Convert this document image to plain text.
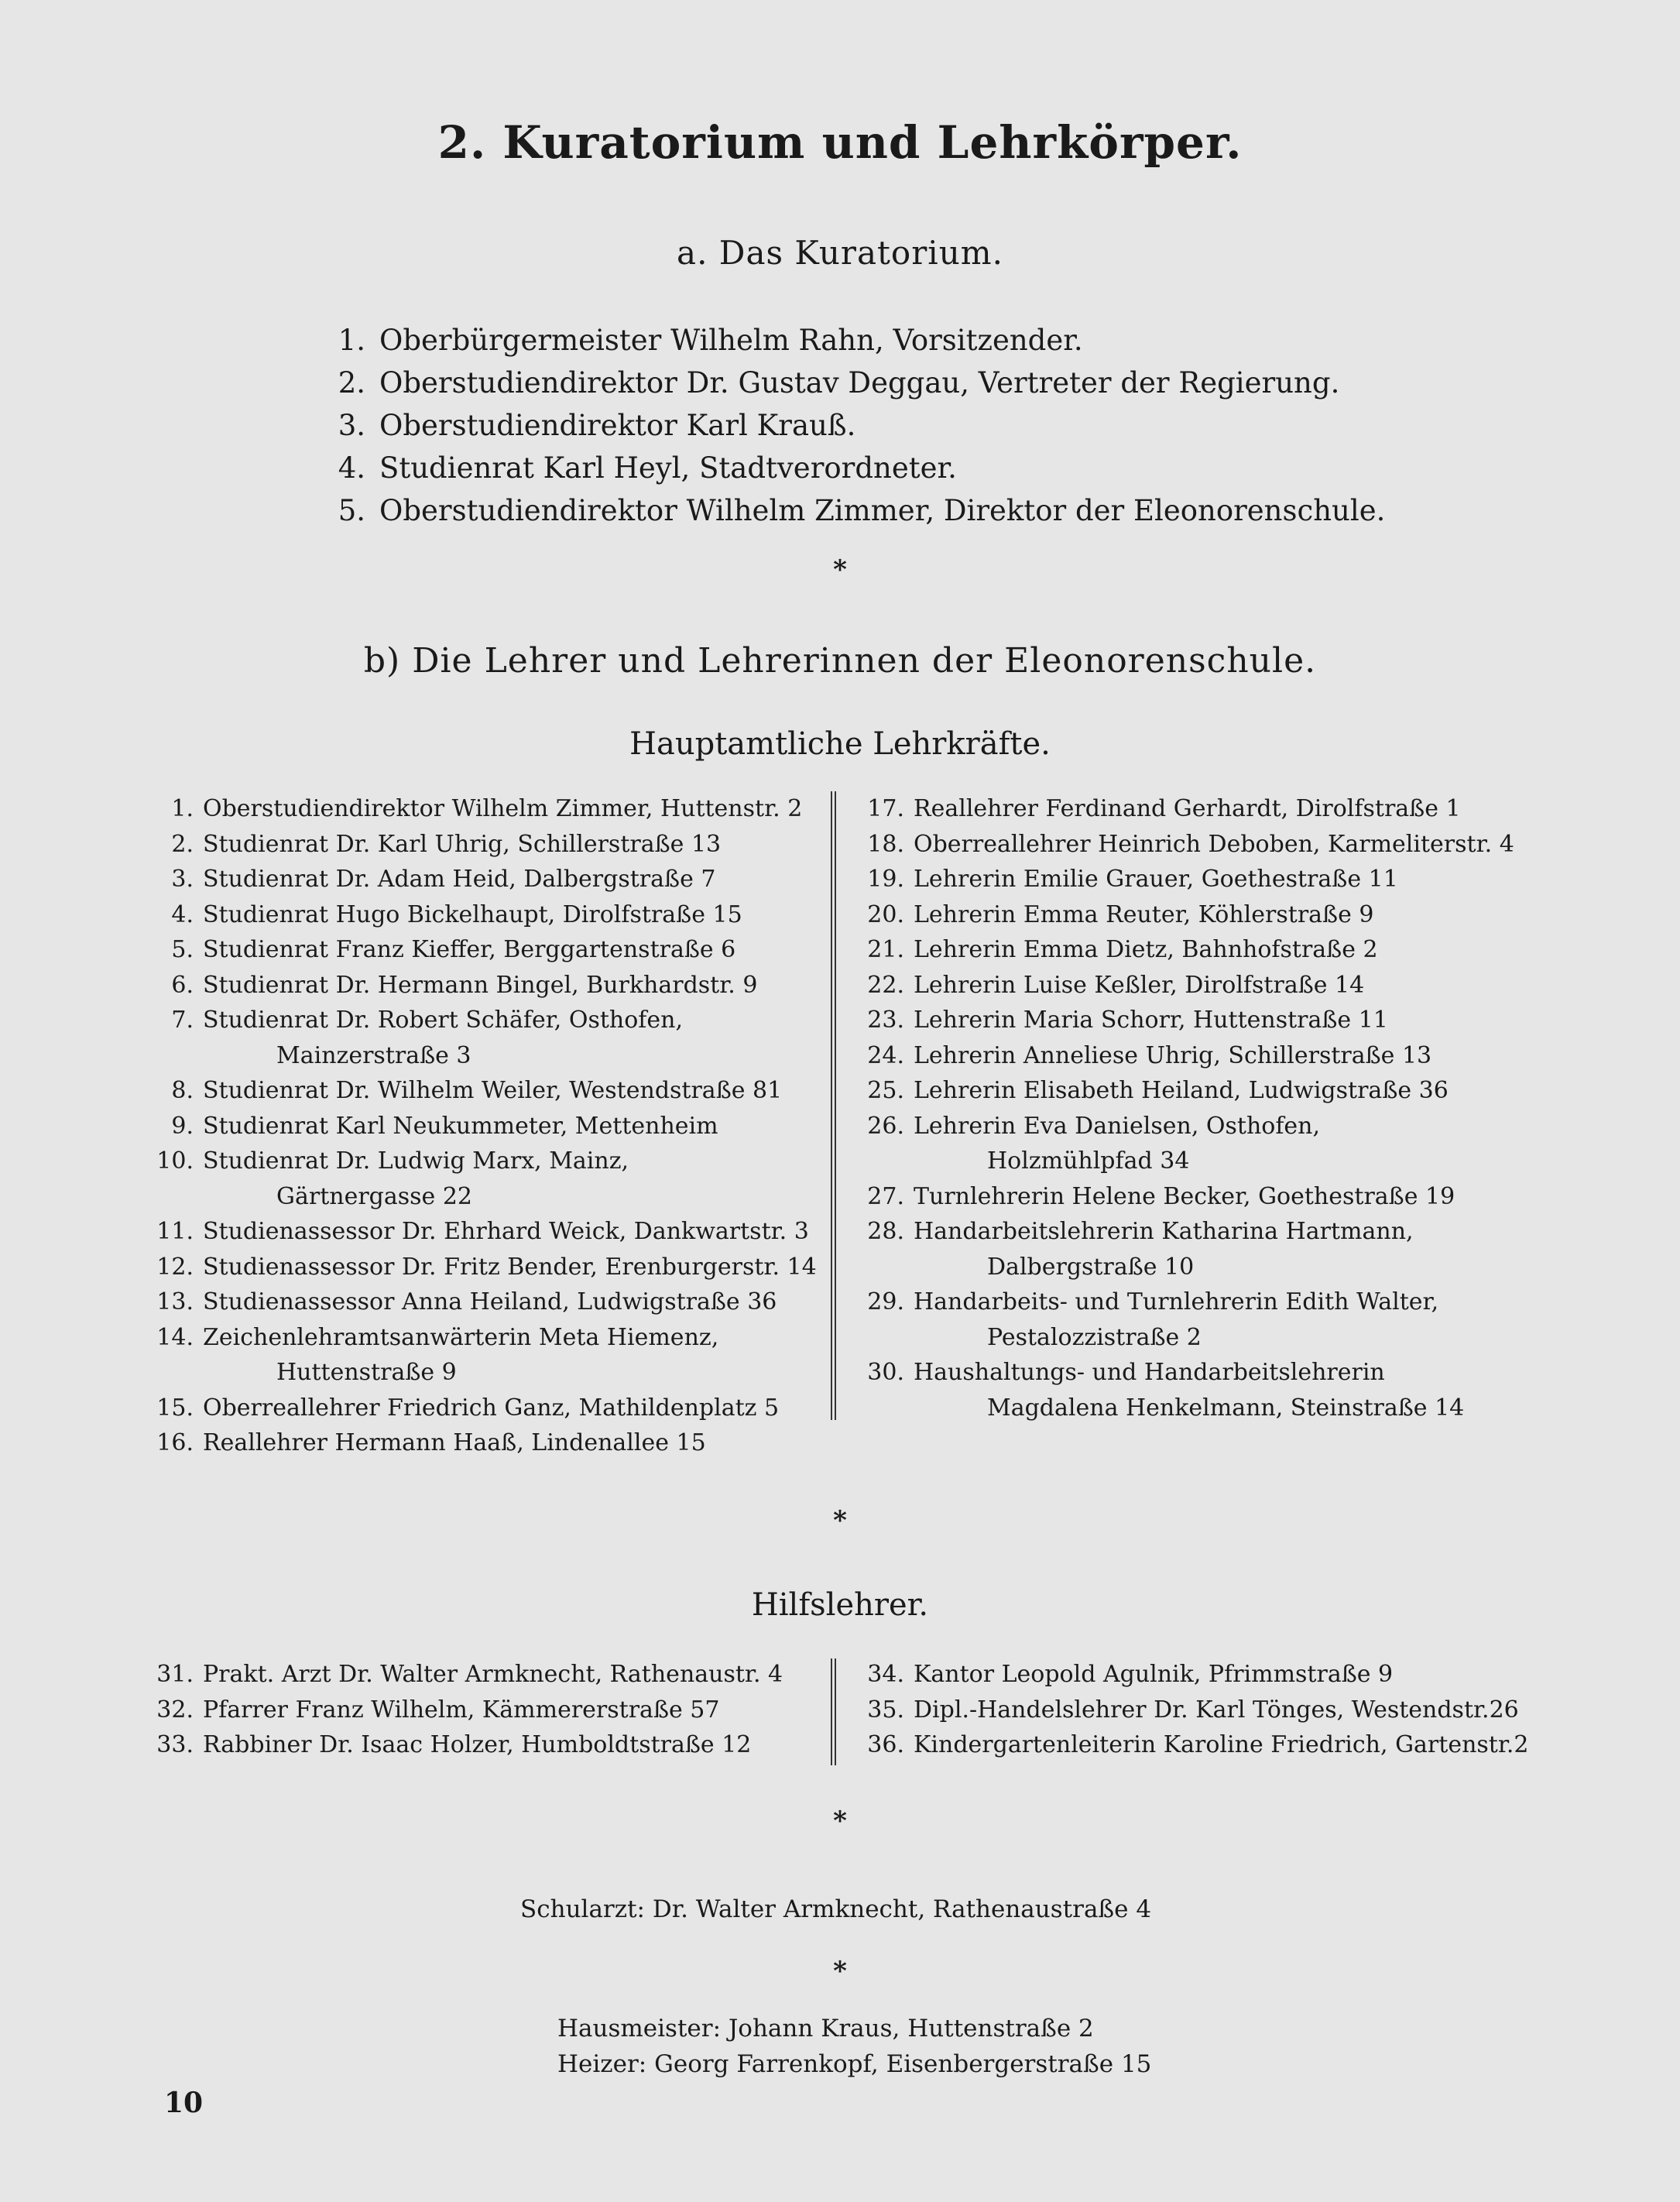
2. Kuratorium und Lehrkörper.
a. Das Kuratorium.
1. Oberbürgermeister Wilhelm Rahn, Vorsitzender.
2. Oberstudiendirektor Dr. Gustav Deggau, Vertreter der Regierung.
3. Oberstudiendirektor Karl Krauß.
4. Studienrat Karl Heyl, Stadtverordneter.
5. Oberstudiendirektor Wilhelm Zimmer, Direktor der Eleonorenschule.
*
b) Die Lehrer und Lehrerinnen der Eleonorenschule.
Hauptamtliche Lehrkräfte.
1. Oberstudiendirektor Wilhelm Zimmer, Huttenstr. 2
2. Studienrat Dr. Karl Uhrig, Schillerstraße 13
3. Studienrat Dr. Adam Heid, Dalbergstraße 7
4. Studienrat Hugo Bickelhaupt, Dirolfstraße 15
5. Studienrat Franz Kieffer, Berggartenstraße 6
6. Studienrat Dr. Hermann Bingel, Burkhardstr. 9
7. Studienrat Dr. Robert Schäfer, Osthofen,
Mainzerstraße 3
8. Studienrat Dr. Wilhelm Weiler, Westendstraße 81
9. Studienrat Karl Neukummeter, Mettenheim
10. Studienrat Dr. Ludwig Marx, Mainz,
Gärtnergasse 22
11. Studienassessor Dr. Ehrhard Weick, Dankwartstr. 3
12. Studienassessor Dr. Fritz Bender, Erenburgerstr. 14
13. Studienassessor Anna Heiland, Ludwigstraße 36
14. Zeichenlehramtsanwärterin Meta Hiemenz,
Huttenstraße 9
15. Oberreallehrer Friedrich Ganz, Mathildenplatz 5
16. Reallehrer Hermann Haaß, Lindenallee 15
17. Reallehrer Ferdinand Gerhardt, Dirolfstraße 1
18. Oberreallehrer Heinrich Deboben, Karmeliterstr. 4
19. Lehrerin Emilie Grauer, Goethestraße 11
20. Lehrerin Emma Reuter, Köhlerstraße 9
21. Lehrerin Emma Dietz, Bahnhofstraße 2
22. Lehrerin Luise Keßler, Dirolfstraße 14
23. Lehrerin Maria Schorr, Huttenstraße 11
24. Lehrerin Anneliese Uhrig, Schillerstraße 13
25. Lehrerin Elisabeth Heiland, Ludwigstraße 36
26. Lehrerin Eva Danielsen, Osthofen,
Holzmühlpfad 34
27. Turnlehrerin Helene Becker, Goethestraße 19
28. Handarbeitslehrerin Katharina Hartmann,
Dalbergstraße 10
29. Handarbeits- und Turnlehrerin Edith Walter,
Pestalozzistraße 2
30. Haushaltungs- und Handarbeitslehrerin
Magdalena Henkelmann, Steinstraße 14
*
Hilfslehrer.
31. Prakt. Arzt Dr. Walter Armknecht, Rathenaustr. 4
32. Pfarrer Franz Wilhelm, Kämmererstraße 57
33. Rabbiner Dr. Isaac Holzer, Humboldtstraße 12
34. Kantor Leopold Agulnik, Pfrimmstraße 9
35. Dipl.-Handelslehrer Dr. Karl Tönges, Westendstr.26
36. Kindergartenleiterin Karoline Friedrich, Gartenstr.2
*
Schularzt: Dr. Walter Armknecht, Rathenaustraße 4
*
Hausmeister: Johann Kraus, Huttenstraße 2
Heizer: Georg Farrenkopf, Eisenbergerstraße 15
10
